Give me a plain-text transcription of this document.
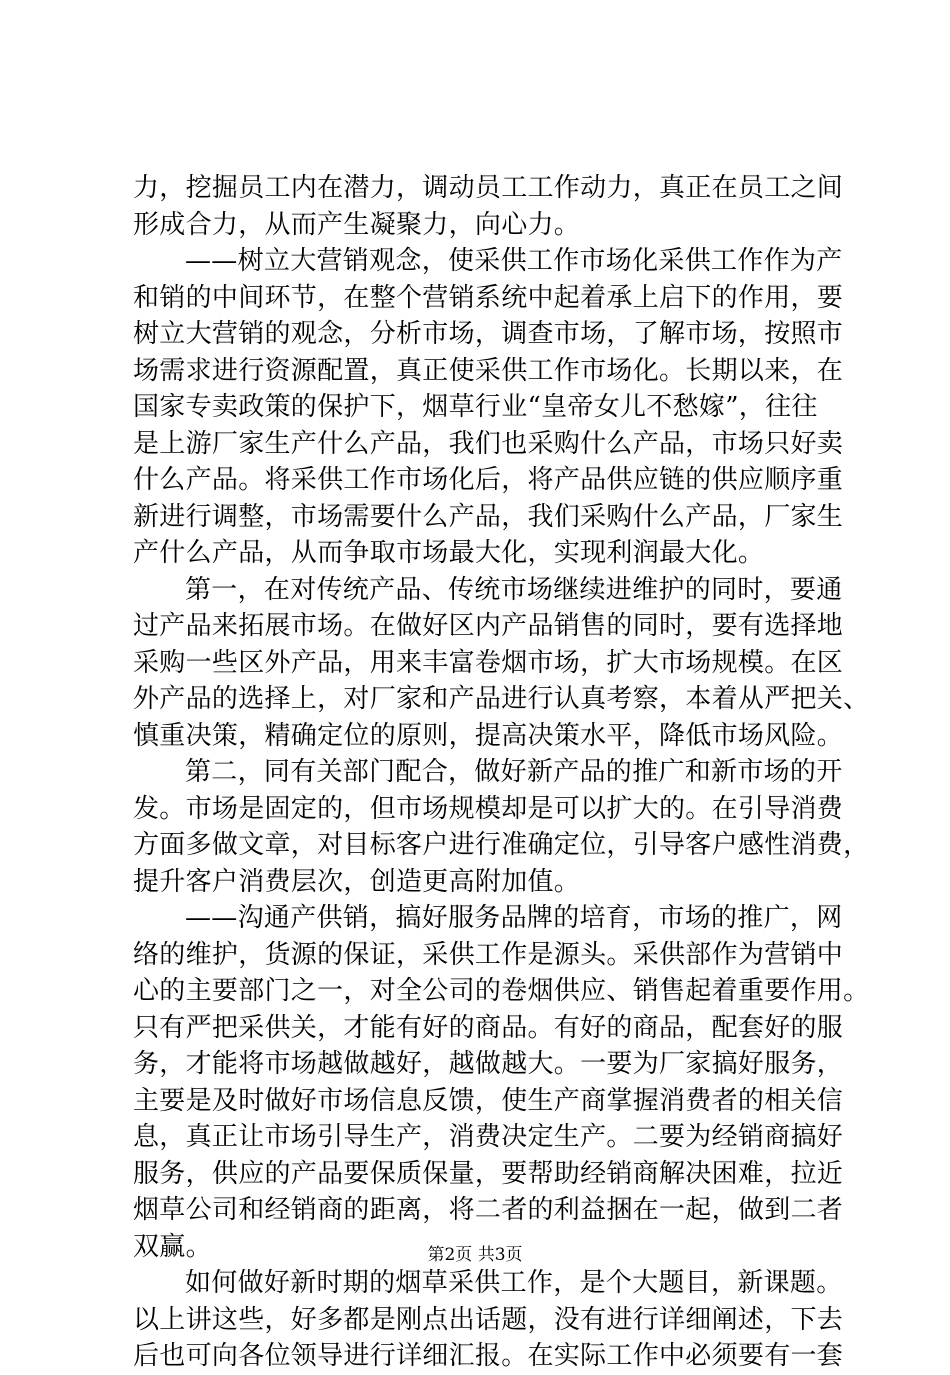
力，挖掘员工内在潜力，调动员工工作动力，真正在员工之间
形成合力，从而产生凝聚力，向心力。
——树立大营销观念，使采供工作市场化采供工作作为产
和销的中间环节，在整个营销系统中起着承上启下的作用，要
树立大营销的观念，分析市场，调查市场，了解市场，按照市
场需求进行资源配置，真正使采供工作市场化。长期以来，在
国家专卖政策的保护下，烟草行业“皇帝女儿不愁嫁”，往往
是上游厂家生产什么产品，我们也采购什么产品，市场只好卖
什么产品。将采供工作市场化后，将产品供应链的供应顺序重
新进行调整，市场需要什么产品，我们采购什么产品，厂家生
产什么产品，从而争取市场最大化，实现利润最大化。
第一，在对传统产品、传统市场继续进维护的同时，要通
过产品来拓展市场。在做好区内产品销售的同时，要有选择地
采购一些区外产品，用来丰富卷烟市场，扩大市场规模。在区
外产品的选择上，对厂家和产品进行认真考察，本着从严把关、
慎重决策，精确定位的原则，提高决策水平，降低市场风险。
第二，同有关部门配合，做好新产品的推广和新市场的开
发。市场是固定的，但市场规模却是可以扩大的。在引导消费
方面多做文章，对目标客户进行准确定位，引导客户感性消费，
提升客户消费层次，创造更高附加值。
——沟通产供销，搞好服务品牌的培育，市场的推广，网
络的维护，货源的保证，采供工作是源头。采供部作为营销中
心的主要部门之一，对全公司的卷烟供应、销售起着重要作用。
只有严把采供关，才能有好的商品。有好的商品，配套好的服
务，才能将市场越做越好，越做越大。一要为厂家搞好服务，
主要是及时做好市场信息反馈，使生产商掌握消费者的相关信
息，真正让市场引导生产，消费决定生产。二要为经销商搞好
服务，供应的产品要保质保量，要帮助经销商解决困难，拉近
烟草公司和经销商的距离，将二者的利益捆在一起，做到二者
双赢。
如何做好新时期的烟草采供工作，是个大题目，新课题。
以上讲这些，好多都是刚点出话题，没有进行详细阐述，下去
后也可向各位领导进行详细汇报。在实际工作中必须要有一套
第2页 共3页
